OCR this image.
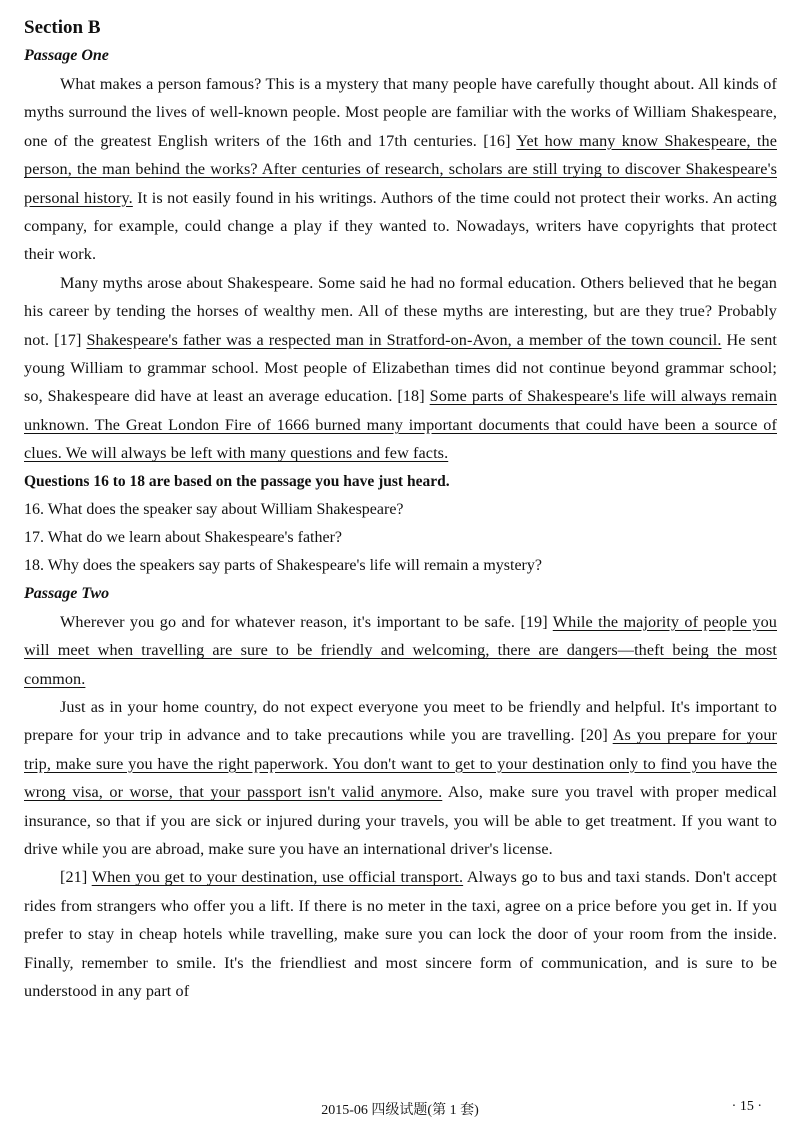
Section B
Passage One

What makes a person famous? This is a mystery that many people have carefully thought about. All kinds of myths surround the lives of well-known people. Most people are familiar with the works of William Shakespeare, one of the greatest English writers of the 16th and 17th centuries. [16] Yet how many know Shakespeare, the person, the man behind the works? After centuries of research, scholars are still trying to discover Shakespeare's personal history. It is not easily found in his writings. Authors of the time could not protect their works. An acting company, for example, could change a play if they wanted to. Nowadays, writers have copyrights that protect their work.

Many myths arose about Shakespeare. Some said he had no formal education. Others believed that he began his career by tending the horses of wealthy men. All of these myths are interesting, but are they true? Probably not. [17] Shakespeare's father was a respected man in Stratford-on-Avon, a member of the town council. He sent young William to grammar school. Most people of Elizabethan times did not continue beyond grammar school; so, Shakespeare did have at least an average education. [18] Some parts of Shakespeare's life will always remain unknown. The Great London Fire of 1666 burned many important documents that could have been a source of clues. We will always be left with many questions and few facts.

Questions 16 to 18 are based on the passage you have just heard.

16. What does the speaker say about William Shakespeare?

17. What do we learn about Shakespeare's father?

18. Why does the speakers say parts of Shakespeare's life will remain a mystery?

Passage Two

Wherever you go and for whatever reason, it's important to be safe. [19] While the majority of people you will meet when travelling are sure to be friendly and welcoming, there are dangers—theft being the most common.

Just as in your home country, do not expect everyone you meet to be friendly and helpful. It's important to prepare for your trip in advance and to take precautions while you are travelling. [20] As you prepare for your trip, make sure you have the right paperwork. You don't want to get to your destination only to find you have the wrong visa, or worse, that your passport isn't valid anymore. Also, make sure you travel with proper medical insurance, so that if you are sick or injured during your travels, you will be able to get treatment. If you want to drive while you are abroad, make sure you have an international driver's license.

[21] When you get to your destination, use official transport. Always go to bus and taxi stands. Don't accept rides from strangers who offer you a lift. If there is no meter in the taxi, agree on a price before you get in. If you prefer to stay in cheap hotels while travelling, make sure you can lock the door of your room from the inside. Finally, remember to smile. It's the friendliest and most sincere form of communication, and is sure to be understood in any part of

2015-06 四级试题(第 1 套)	· 15 ·
